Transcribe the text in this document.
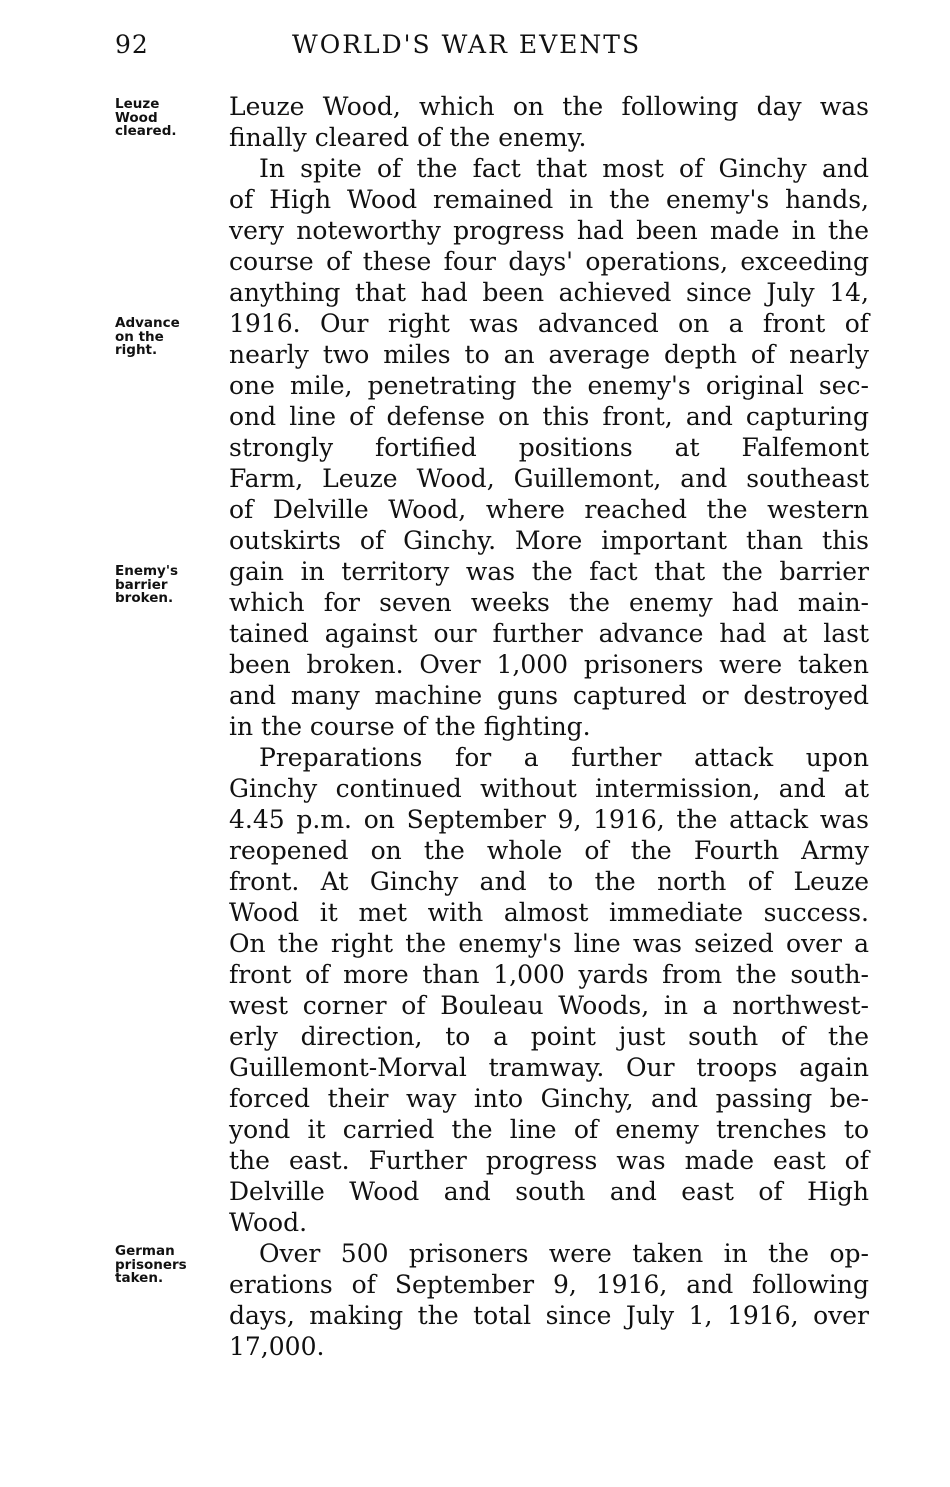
92	WORLD'S WAR EVENTS
Leuze
Wood
cleared.
Advance
on the
right.
Enemy's
barrier
broken.
German
prisoners
taken.
Leuze Wood, which on the following day was
finally cleared of the enemy.
In spite of the fact that most of Ginchy and
of High Wood remained in the enemy's hands,
very noteworthy progress had been made in the
course of these four days' operations, exceeding
anything that had been achieved since July 14,
1916. Our right was advanced on a front of
nearly two miles to an average depth of nearly
one mile, penetrating the enemy's original sec-
ond line of defense on this front, and capturing
strongly fortified positions at Falfemont
Farm, Leuze Wood, Guillemont, and southeast
of Delville Wood, where reached the western
outskirts of Ginchy. More important than this
gain in territory was the fact that the barrier
which for seven weeks the enemy had main-
tained against our further advance had at last
been broken. Over 1,000 prisoners were taken
and many machine guns captured or destroyed
in the course of the fighting.
Preparations for a further attack upon
Ginchy continued without intermission, and at
4.45 p.m. on September 9, 1916, the attack was
reopened on the whole of the Fourth Army
front. At Ginchy and to the north of Leuze
Wood it met with almost immediate success.
On the right the enemy's line was seized over a
front of more than 1,000 yards from the south-
west corner of Bouleau Woods, in a northwest-
erly direction, to a point just south of the
Guillemont-Morval tramway. Our troops again
forced their way into Ginchy, and passing be-
yond it carried the line of enemy trenches to
the east. Further progress was made east of
Delville Wood and south and east of High
Wood.
Over 500 prisoners were taken in the op-
erations of September 9, 1916, and following
days, making the total since July 1, 1916, over
17,000.
